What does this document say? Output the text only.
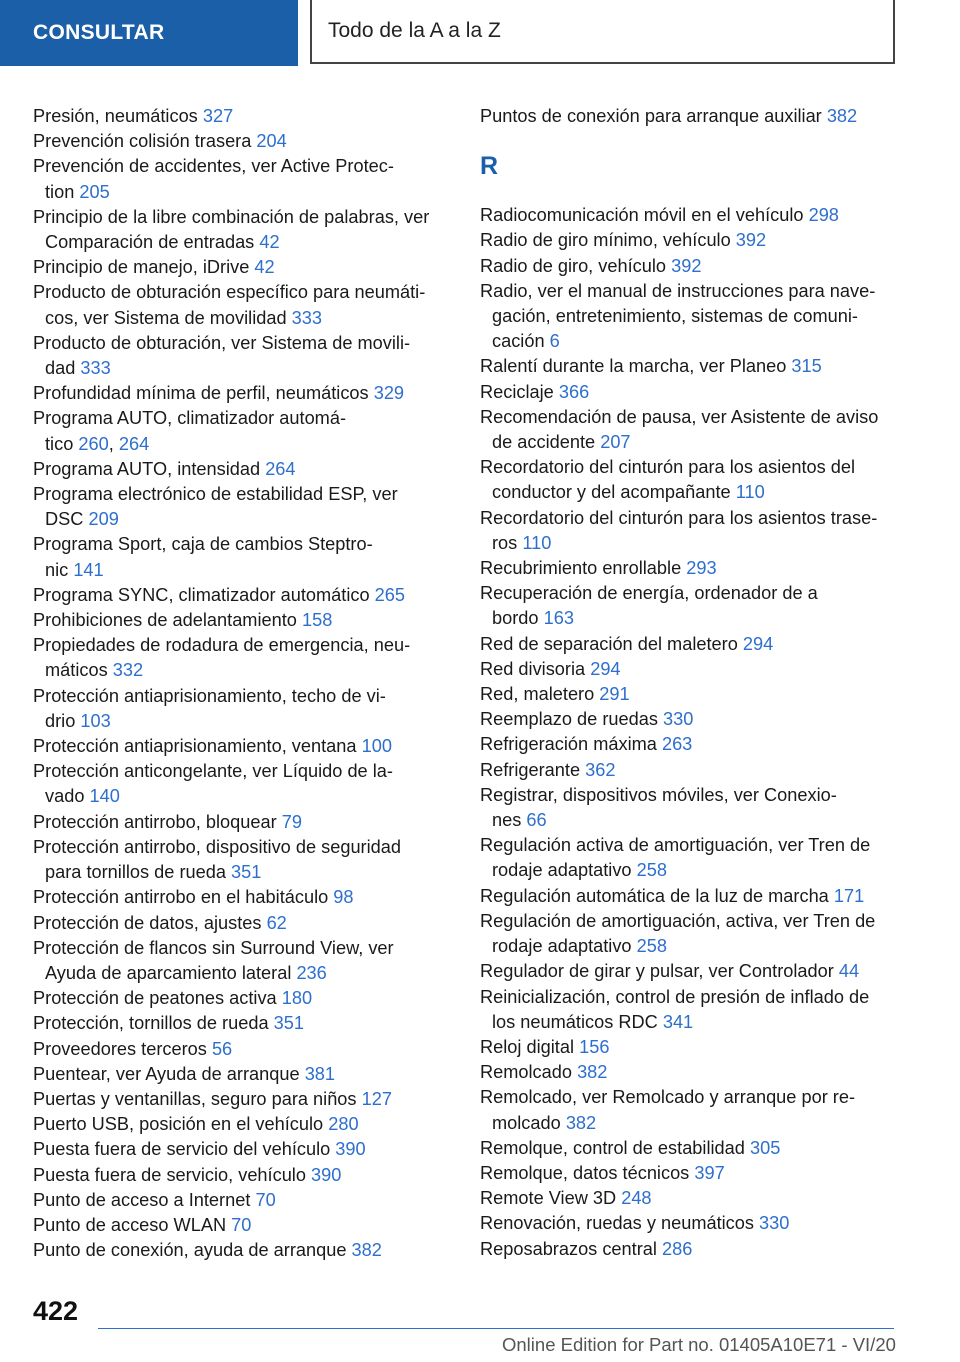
CONSULTAR	Todo de la A a la Z
Presión, neumáticos 327
Prevención colisión trasera 204
Prevención de accidentes, ver Active Protec-
tion 205
Principio de la libre combinación de palabras, ver
Comparación de entradas 42
Principio de manejo, iDrive 42
Producto de obturación específico para neumáti-
cos, ver Sistema de movilidad 333
Producto de obturación, ver Sistema de movili-
dad 333
Profundidad mínima de perfil, neumáticos 329
Programa AUTO, climatizador automá-
tico 260, 264
Programa AUTO, intensidad 264
Programa electrónico de estabilidad ESP, ver
DSC 209
Programa Sport, caja de cambios Steptro-
nic 141
Programa SYNC, climatizador automático 265
Prohibiciones de adelantamiento 158
Propiedades de rodadura de emergencia, neu-
máticos 332
Protección antiaprisionamiento, techo de vi-
drio 103
Protección antiaprisionamiento, ventana 100
Protección anticongelante, ver Líquido de la-
vado 140
Protección antirrobo, bloquear 79
Protección antirrobo, dispositivo de seguridad
para tornillos de rueda 351
Protección antirrobo en el habitáculo 98
Protección de datos, ajustes 62
Protección de flancos sin Surround View, ver
Ayuda de aparcamiento lateral 236
Protección de peatones activa 180
Protección, tornillos de rueda 351
Proveedores terceros 56
Puentear, ver Ayuda de arranque 381
Puertas y ventanillas, seguro para niños 127
Puerto USB, posición en el vehículo 280
Puesta fuera de servicio del vehículo 390
Puesta fuera de servicio, vehículo 390
Punto de acceso a Internet 70
Punto de acceso WLAN 70
Punto de conexión, ayuda de arranque 382
Puntos de conexión para arranque auxiliar 382
R
Radiocomunicación móvil en el vehículo 298
Radio de giro mínimo, vehículo 392
Radio de giro, vehículo 392
Radio, ver el manual de instrucciones para nave-
gación, entretenimiento, sistemas de comuni-
cación 6
Ralentí durante la marcha, ver Planeo 315
Reciclaje 366
Recomendación de pausa, ver Asistente de aviso
de accidente 207
Recordatorio del cinturón para los asientos del
conductor y del acompañante 110
Recordatorio del cinturón para los asientos trase-
ros 110
Recubrimiento enrollable 293
Recuperación de energía, ordenador de a
bordo 163
Red de separación del maletero 294
Red divisoria 294
Red, maletero 291
Reemplazo de ruedas 330
Refrigeración máxima 263
Refrigerante 362
Registrar, dispositivos móviles, ver Conexio-
nes 66
Regulación activa de amortiguación, ver Tren de
rodaje adaptativo 258
Regulación automática de la luz de marcha 171
Regulación de amortiguación, activa, ver Tren de
rodaje adaptativo 258
Regulador de girar y pulsar, ver Controlador 44
Reinicialización, control de presión de inflado de
los neumáticos RDC 341
Reloj digital 156
Remolcado 382
Remolcado, ver Remolcado y arranque por re-
molcado 382
Remolque, control de estabilidad 305
Remolque, datos técnicos 397
Remote View 3D 248
Renovación, ruedas y neumáticos 330
Reposabrazos central 286
422
Online Edition for Part no. 01405A10E71 - VI/20
